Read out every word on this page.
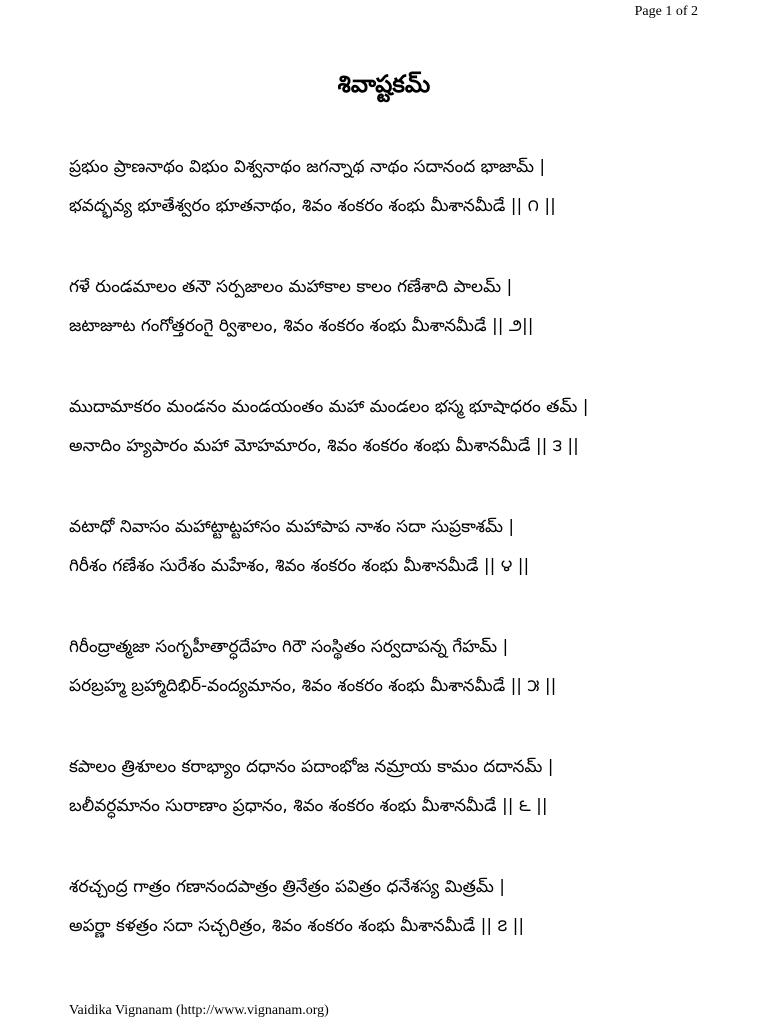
Page 1 of 2
శివాష్టకమ్
ప్రభుం ప్రాణనాథం విభుం విశ్వనాథం జగన్నాథ నాథం సదానంద భాజామ్ |
భవద్భవ్య భూతేశ్వరం భూతనాథం, శివం శంకరం శంభు మీశానమీడే || ౧ ||
గళే రుండమాలం తనౌ సర్పజాలం మహాకాల కాలం గణేశాది పాలమ్ |
జటాజూట గంగోత్తరంగై ర్విశాలం, శివం శంకరం శంభు మీశానమీడే || ౨||
ముదామాకరం మండనం మండయంతం మహా మండలం భస్మ భూషాధరం తమ్ |
అనాదిం హ్యపారం మహా మోహమారం, శివం శంకరం శంభు మీశానమీడే || ౩ ||
వటాధో నివాసం మహాట్టాట్టహాసం మహాపాప నాశం సదా సుప్రకాశమ్ |
గిరీశం గణేశం సురేశం మహేశం, శివం శంకరం శంభు మీశానమీడే || ౪ ||
గిరీంద్రాత్మజా సంగృహీతార్ధదేహం గిరౌ సంస్థితం సర్వదాపన్న గేహమ్ |
పరబ్రహ్మ బ్రహ్మాదిభిర్-వంద్యమానం, శివం శంకరం శంభు మీశానమీడే || ౫ ||
కపాలం త్రిశూలం కరాభ్యాం దధానం పదాంభోజ నమ్రాయ కామం దదానమ్ |
బలీవర్ధమానం సురాణాం ప్రధానం, శివం శంకరం శంభు మీశానమీడే || ౬ ||
శరచ్చంద్ర గాత్రం గణానందపాత్రం త్రినేత్రం పవిత్రం ధనేశస్య మిత్రమ్ |
అపర్ణా కళత్రం సదా సచ్చరిత్రం, శివం శంకరం శంభు మీశానమీడే || ౭ ||
Vaidika Vignanam (http://www.vignanam.org)
